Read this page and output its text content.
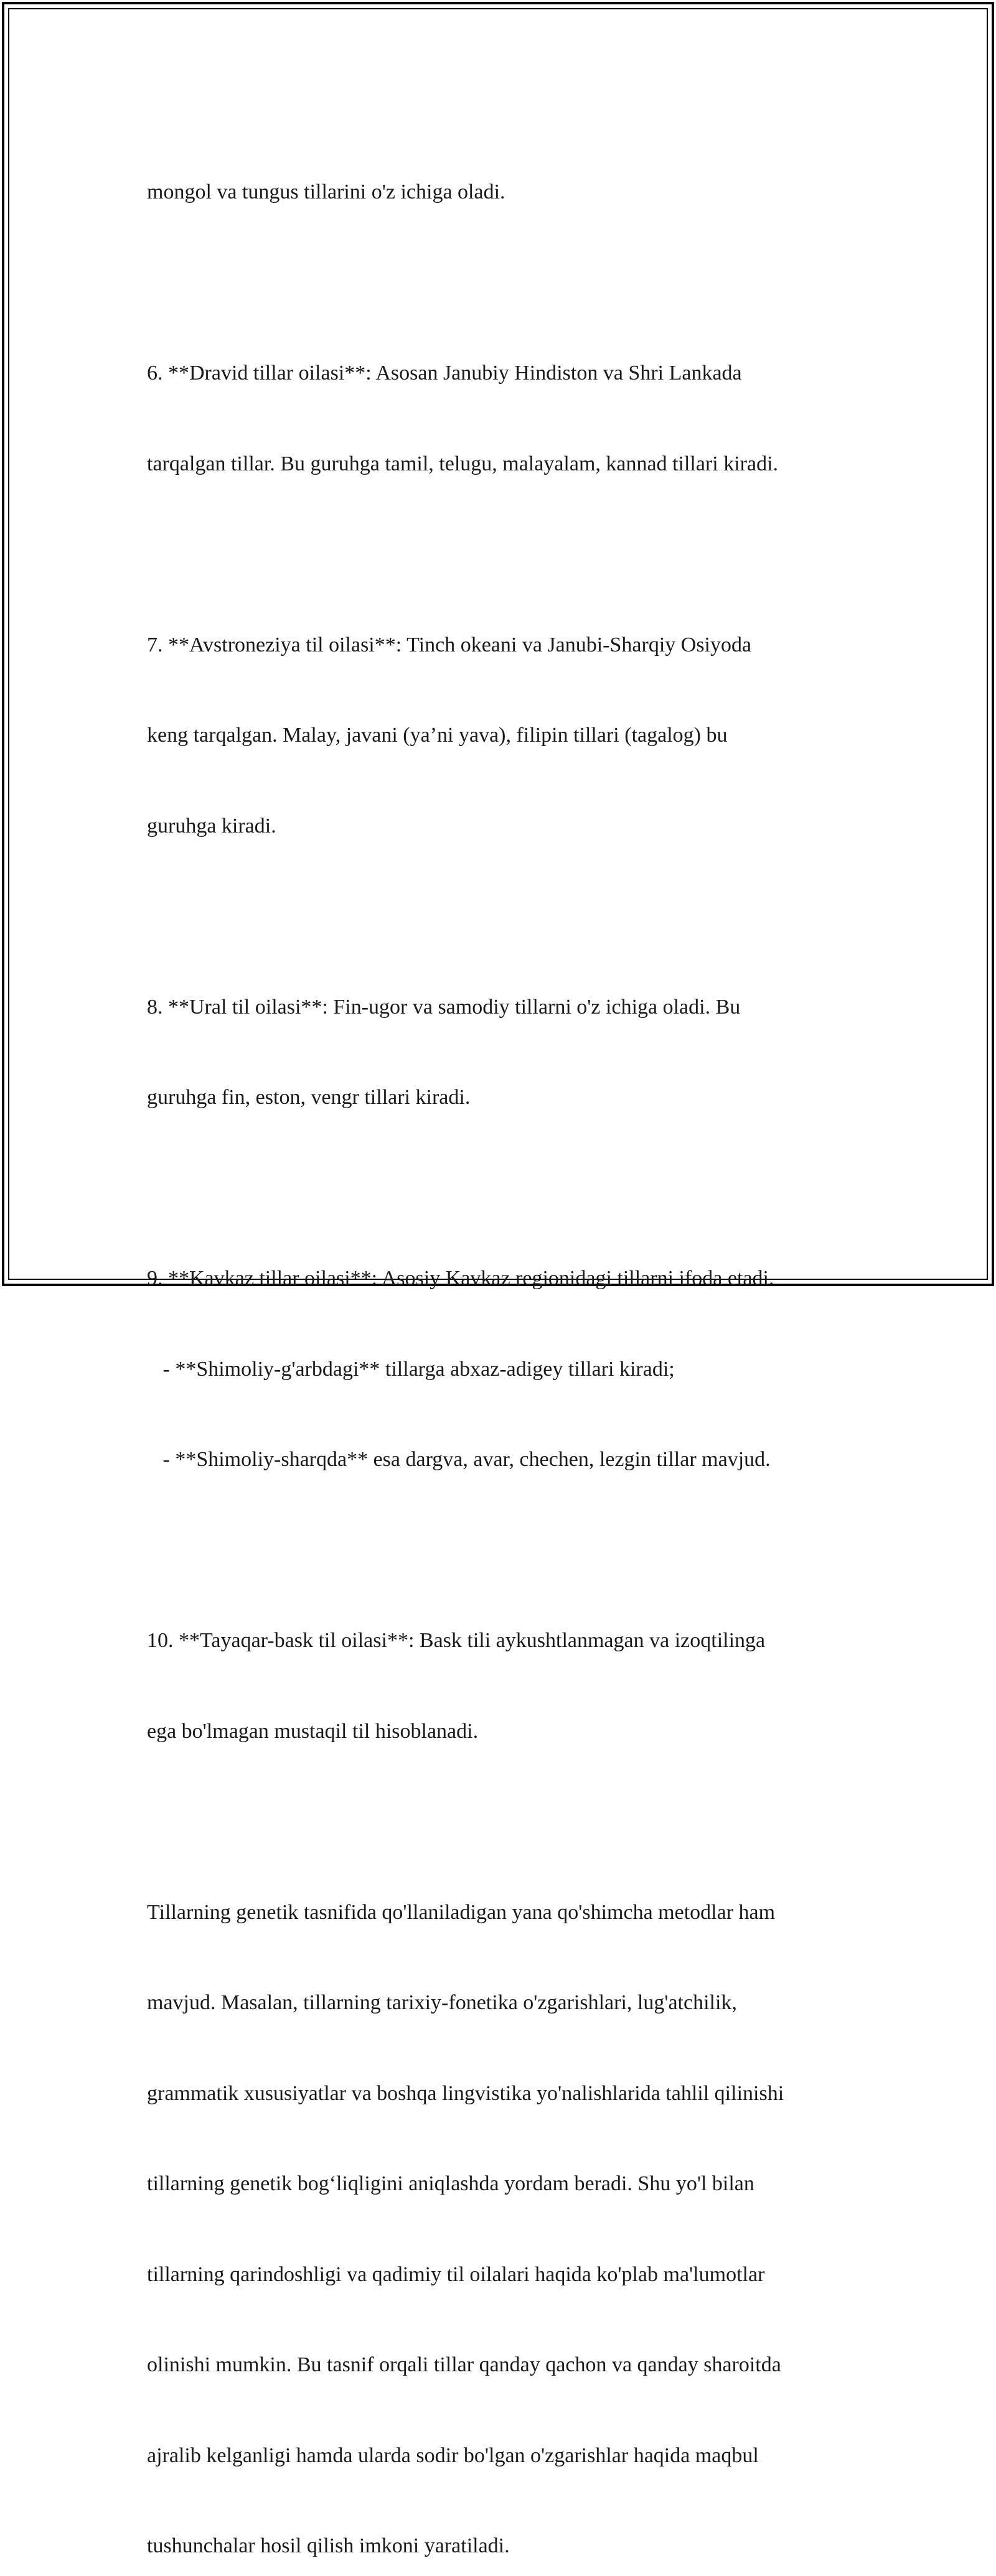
mongol va tungus tillarini o'z ichiga oladi.

6. **Dravid tillar oilasi**: Asosan Janubiy Hindiston va Shri Lankada

tarqalgan tillar. Bu guruhga tamil, telugu, malayalam, kannad tillari kiradi.

7. **Avstroneziya til oilasi**: Tinch okeani va Janubi-Sharqiy Osiyoda

keng tarqalgan. Malay, javani (ya’ni yava), filipin tillari (tagalog) bu

guruhga kiradi.

8. **Ural til oilasi**: Fin-ugor va samodiy tillarni o'z ichiga oladi. Bu

guruhga fin, eston, vengr tillari kiradi.

9. **Kavkaz tillar oilasi**: Asosiy Kavkaz regionidagi tillarni ifoda etadi.

- **Shimoliy-g'arbdagi** tillarga abxaz-adigey tillari kiradi;

- **Shimoliy-sharqda** esa dargva, avar, chechen, lezgin tillar mavjud.

10. **Tayaqar-bask til oilasi**: Bask tili aykushtlanmagan va izoqtilinga

ega bo'lmagan mustaqil til hisoblanadi.

Tillarning genetik tasnifida qo'llaniladigan yana qo'shimcha metodlar ham

mavjud. Masalan, tillarning tarixiy-fonetika o'zgarishlari, lug'atchilik,

grammatik xususiyatlar va boshqa lingvistika yo'nalishlarida tahlil qilinishi

tillarning genetik bog‘liqligini aniqlashda yordam beradi. Shu yo'l bilan

tillarning qarindoshligi va qadimiy til oilalari haqida ko'plab ma'lumotlar

olinishi mumkin. Bu tasnif orqali tillar qanday qachon va qanday sharoitda

ajralib kelganligi hamda ularda sodir bo'lgan o'zgarishlar haqida maqbul

tushunchalar hosil qilish imkoni yaratiladi.
